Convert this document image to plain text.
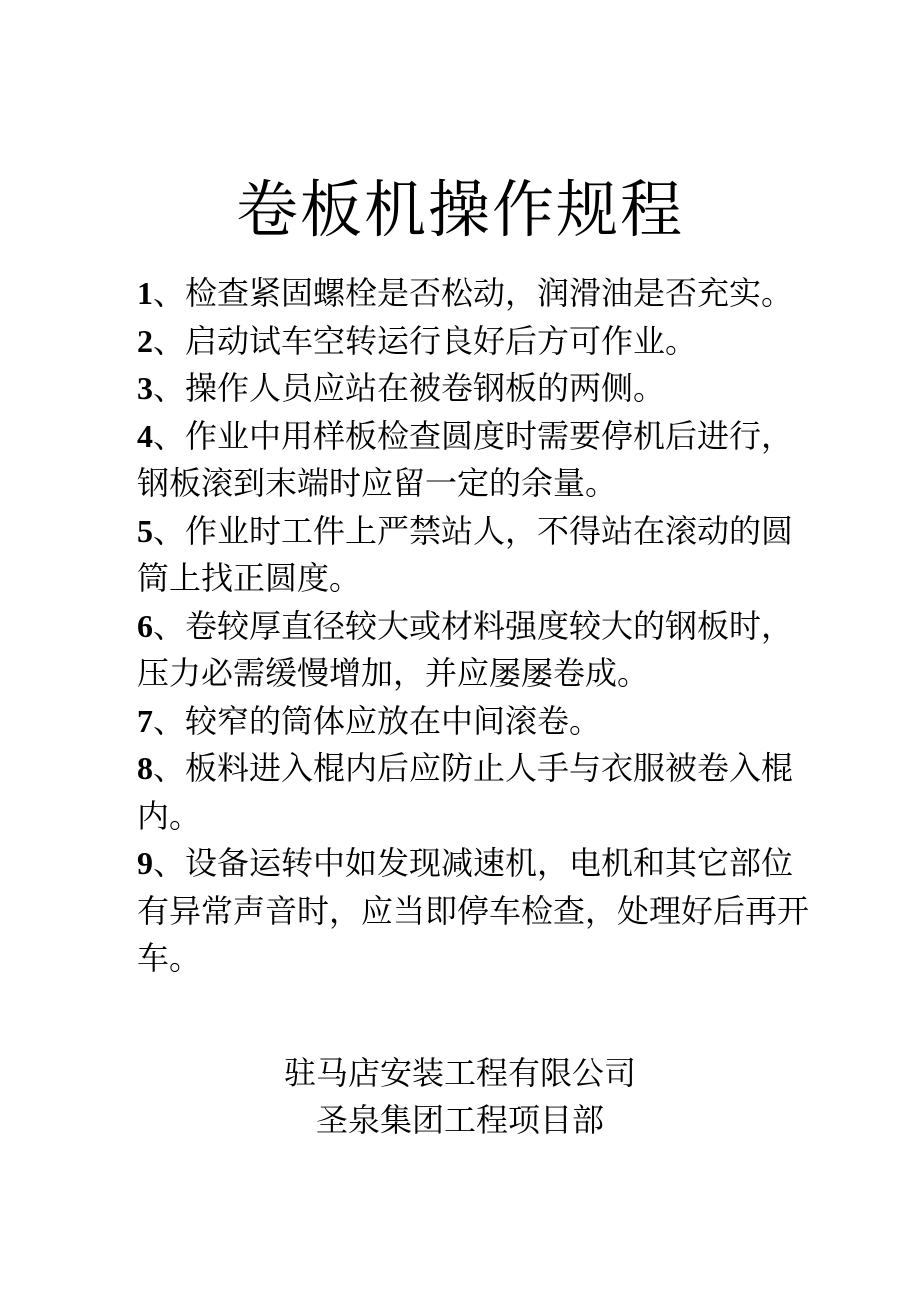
卷板机操作规程
1、检查紧固螺栓是否松动，润滑油是否充实。
2、启动试车空转运行良好后方可作业。
3、操作人员应站在被卷钢板的两侧。
4、作业中用样板检查圆度时需要停机后进行，钢板滚到末端时应留一定的余量。
5、作业时工件上严禁站人，不得站在滚动的圆筒上找正圆度。
6、卷较厚直径较大或材料强度较大的钢板时，压力必需缓慢增加，并应屡屡卷成。
7、较窄的筒体应放在中间滚卷。
8、板料进入棍内后应防止人手与衣服被卷入棍内。
9、设备运转中如发现减速机，电机和其它部位有异常声音时，应当即停车检查，处理好后再开车。
驻马店安装工程有限公司
圣泉集团工程项目部
